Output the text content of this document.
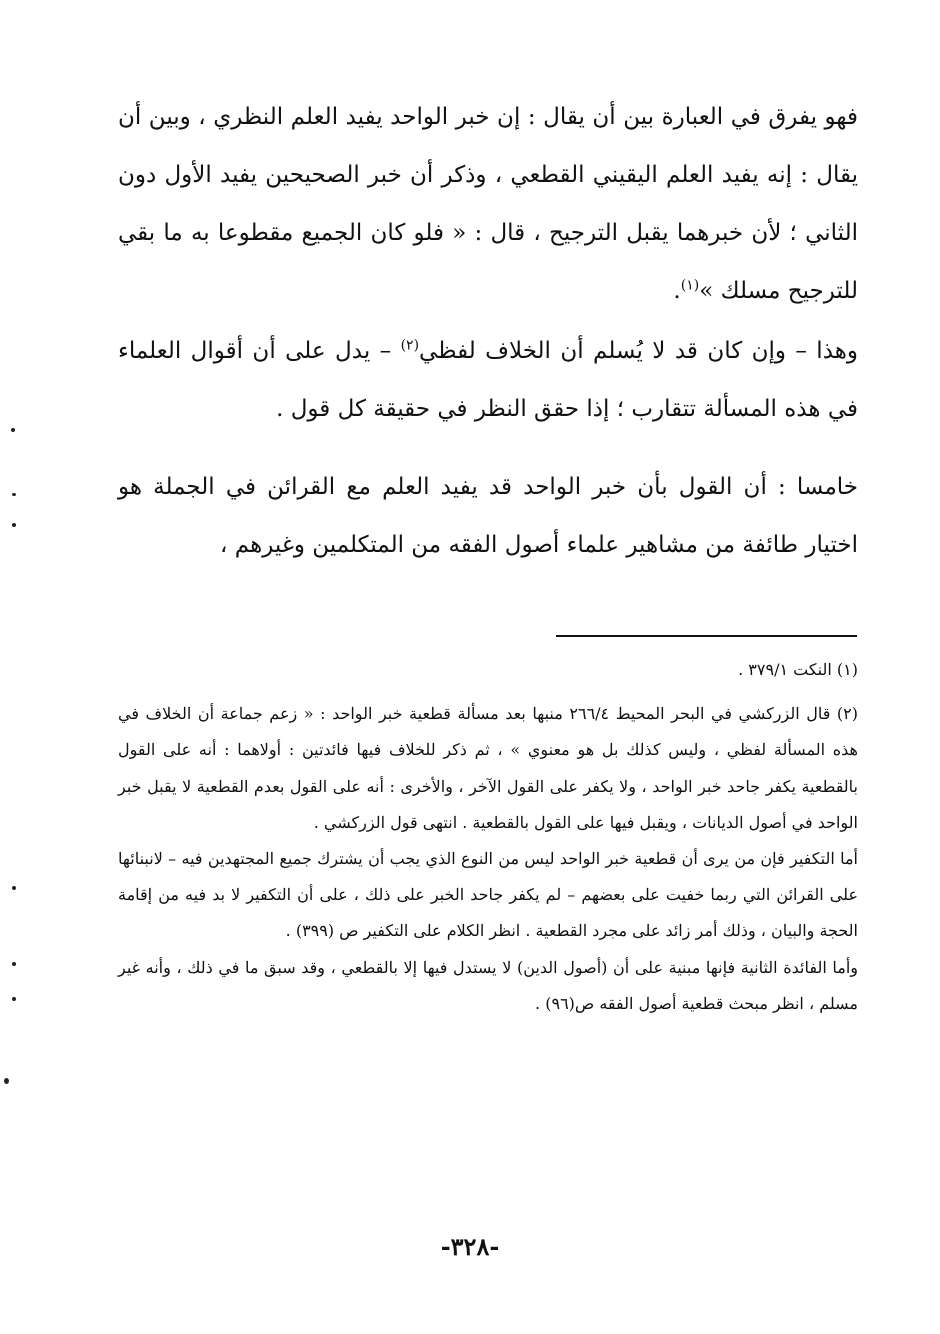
فهو يفرق في العبارة بين أن يقال : إن خبر الواحد يفيد العلم النظري ، وبين أن يقال : إنه يفيد العلم اليقيني القطعي ، وذكر أن خبر الصحيحين يفيد الأول دون الثاني ؛ لأن خبرهما يقبل الترجيح ، قال : « فلو كان الجميع مقطوعا به ما بقي للترجيح مسلك »$^{(١)}$.

وهذا – وإن كان قد لا يُسلم أن الخلاف لفظي$^{(٢)}$ – يدل على أن أقوال العلماء في هذه المسألة تتقارب ؛ إذا حقق النظر في حقيقة كل قول .

خامسا : أن القول بأن خبر الواحد قد يفيد العلم مع القرائن في الجملة هو اختيار طائفة من مشاهير علماء أصول الفقه من المتكلمين وغيرهم ،

(١) النكت ٣٧٩/١ .

(٢) قال الزركشي في البحر المحيط ٢٦٦/٤ منبها بعد مسألة قطعية خبر الواحد : « زعم جماعة أن الخلاف في هذه المسألة لفظي ، وليس كذلك بل هو معنوي » ، ثم ذكر للخلاف فيها فائدتين : أولاهما : أنه على القول بالقطعية يكفر جاحد خبر الواحد ، ولا يكفر على القول الآخر ، والأخرى : أنه على القول بعدم القطعية لا يقبل خبر الواحد في أصول الديانات ، ويقبل فيها على القول بالقطعية . انتهى قول الزركشي .

أما التكفير فإن من يرى أن قطعية خبر الواحد ليس من النوع الذي يجب أن يشترك جميع المجتهدين فيه – لانبنائها على القرائن التي ربما خفيت على بعضهم – لم يكفر جاحد الخبر على ذلك ، على أن التكفير لا بد فيه من إقامة الحجة والبيان ، وذلك أمر زائد على مجرد القطعية . انظر الكلام على التكفير ص (٣٩٩) .

وأما الفائدة الثانية فإنها مبنية على أن (أصول الدين) لا يستدل فيها إلا بالقطعي ، وقد سبق ما في ذلك ، وأنه غير مسلم ، انظر مبحث قطعية أصول الفقه ص(٩٦) .

-٣٢٨-
